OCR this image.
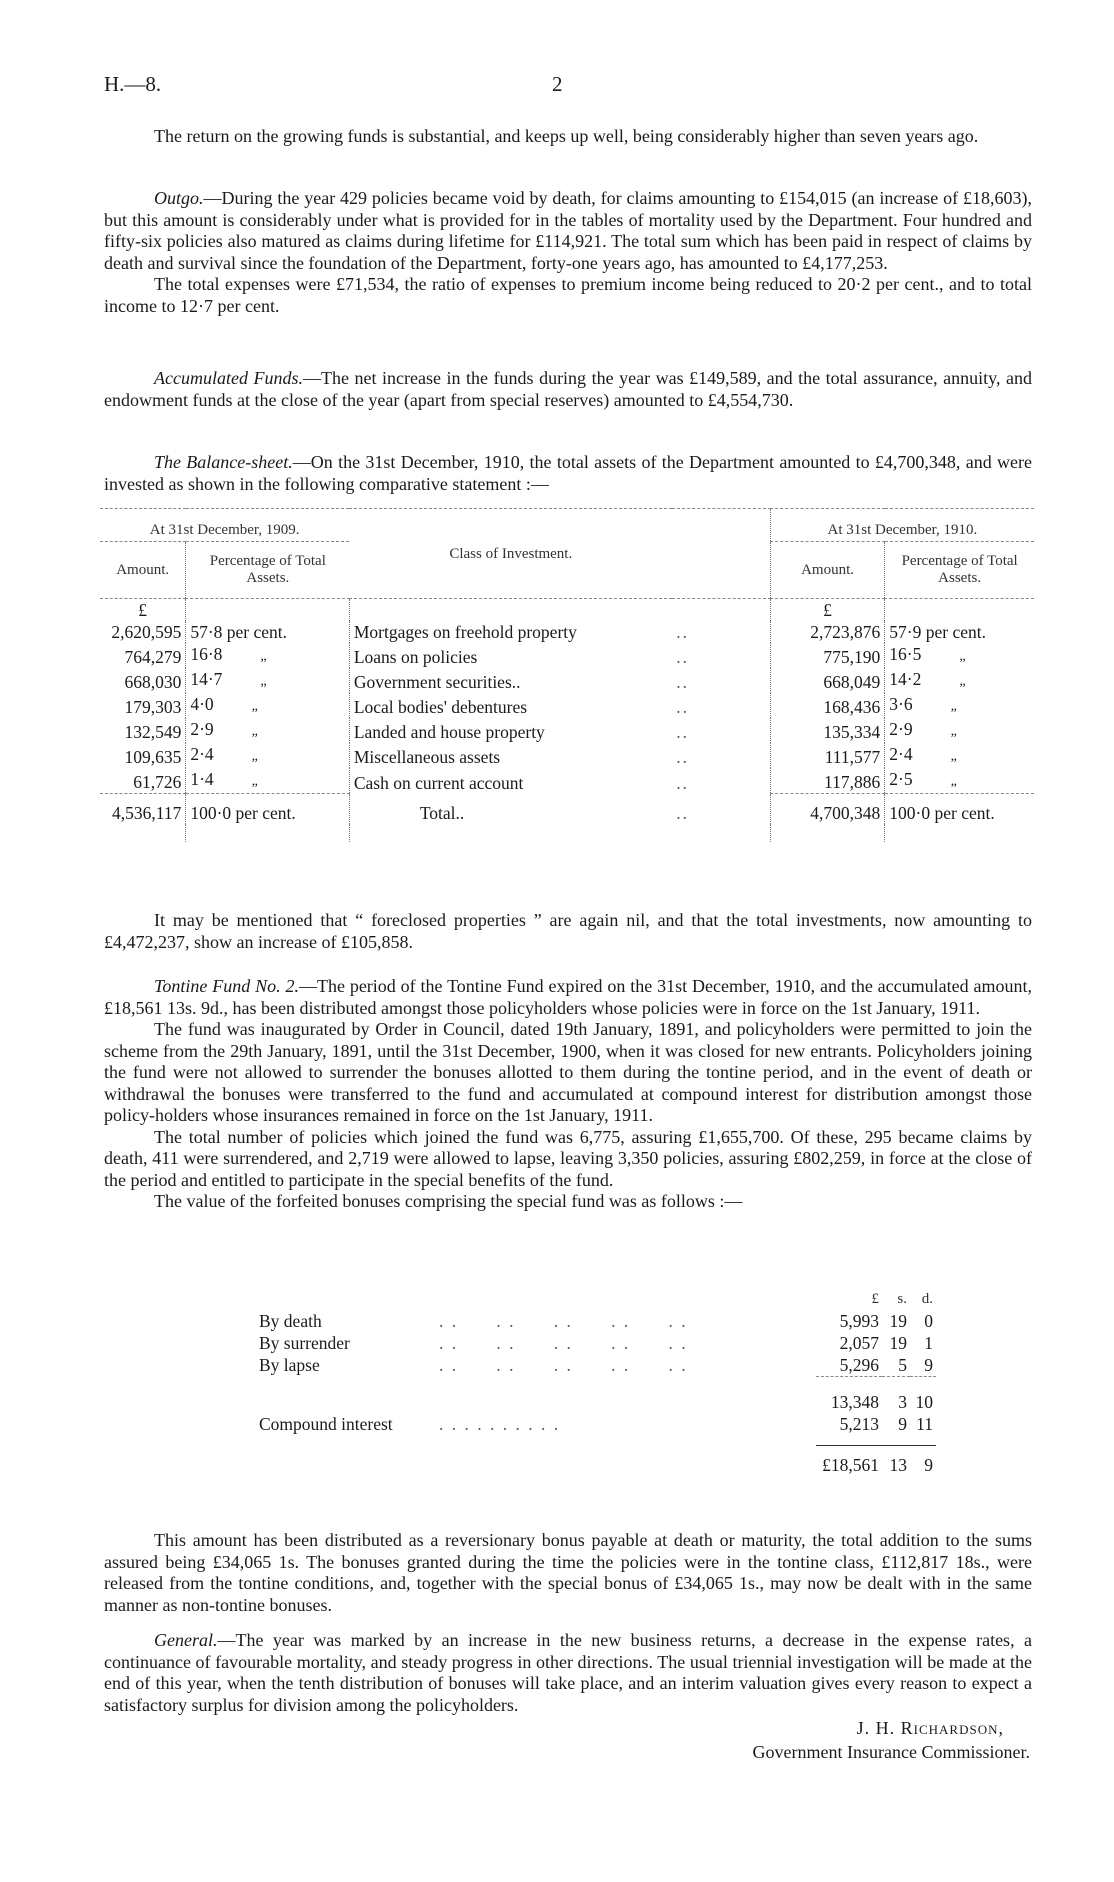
H.—8.	2

The return on the growing funds is substantial, and keeps up well, being considerably higher than seven years ago.

Outgo.—During the year 429 policies became void by death, for claims amounting to £154,015 (an increase of £18,603), but this amount is considerably under what is provided for in the tables of mortality used by the Department. Four hundred and fifty-six policies also matured as claims during lifetime for £114,921. The total sum which has been paid in respect of claims by death and survival since the foundation of the Department, forty-one years ago, has amounted to £4,177,253.

The total expenses were £71,534, the ratio of expenses to premium income being reduced to 20·2 per cent., and to total income to 12·7 per cent.

Accumulated Funds.—The net increase in the funds during the year was £149,589, and the total assurance, annuity, and endowment funds at the close of the year (apart from special reserves) amounted to £4,554,730.

The Balance-sheet.—On the 31st December, 1910, the total assets of the Department amounted to £4,700,348, and were invested as shown in the following comparative statement :—

At 31st December, 1909.		Class of Investment.		At 31st December, 1910.	
Amount.	Percentage of Total Assets.			Amount.	Percentage of Total Assets.
£				£	
2,620,595	57·8 per cent.	Mortgages on freehold property	..	2,723,876	57·9 per cent.
764,279	16·8 „	Loans on policies	..	775,190	16·5 „
668,030	14·7 „	Government securities..	..	668,049	14·2 „
179,303	4·0 „	Local bodies' debentures	..	168,436	3·6 „
132,549	2·9 „	Landed and house property	..	135,334	2·9 „
109,635	2·4 „	Miscellaneous assets	..	111,577	2·4 „
61,726	1·4 „	Cash on current account	..	117,886	2·5 „
4,536,117	100·0 per cent.	Total..	..	4,700,348	100·0 per cent.

It may be mentioned that “ foreclosed properties ” are again nil, and that the total investments, now amounting to £4,472,237, show an increase of £105,858.

Tontine Fund No. 2.—The period of the Tontine Fund expired on the 31st December, 1910, and the accumulated amount, £18,561 13s. 9d., has been distributed amongst those policyholders whose policies were in force on the 1st January, 1911.

The fund was inaugurated by Order in Council, dated 19th January, 1891, and policyholders were permitted to join the scheme from the 29th January, 1891, until the 31st December, 1900, when it was closed for new entrants. Policyholders joining the fund were not allowed to surrender the bonuses allotted to them during the tontine period, and in the event of death or withdrawal the bonuses were transferred to the fund and accumulated at compound interest for distribution amongst those policy-holders whose insurances remained in force on the 1st January, 1911.

The total number of policies which joined the fund was 6,775, assuring £1,655,700. Of these, 295 became claims by death, 411 were surrendered, and 2,719 were allowed to lapse, leaving 3,350 policies, assuring £802,259, in force at the close of the period and entitled to participate in the special benefits of the fund.

The value of the forfeited bonuses comprising the special fund was as follows :—

		£	s.	d.
By death	. .      . .      . .      . .      . .	5,993	19	0
By surrender	. .      . .      . .      . .      . .	2,057	19	1
By lapse	. .      . .      . .      . .      . .	5,296	5	9

		13,348	3	10
Compound interest	. . . . . . . . . .	5,213	9	11

		£18,561	13	9

This amount has been distributed as a reversionary bonus payable at death or maturity, the total addition to the sums assured being £34,065 1s. The bonuses granted during the time the policies were in the tontine class, £112,817 18s., were released from the tontine conditions, and, together with the special bonus of £34,065 1s., may now be dealt with in the same manner as non-tontine bonuses.

General.—The year was marked by an increase in the new business returns, a decrease in the expense rates, a continuance of favourable mortality, and steady progress in other directions. The usual triennial investigation will be made at the end of this year, when the tenth distribution of bonuses will take place, and an interim valuation gives every reason to expect a satisfactory surplus for division among the policyholders.

J. H. Richardson,
Government Insurance Commissioner.
